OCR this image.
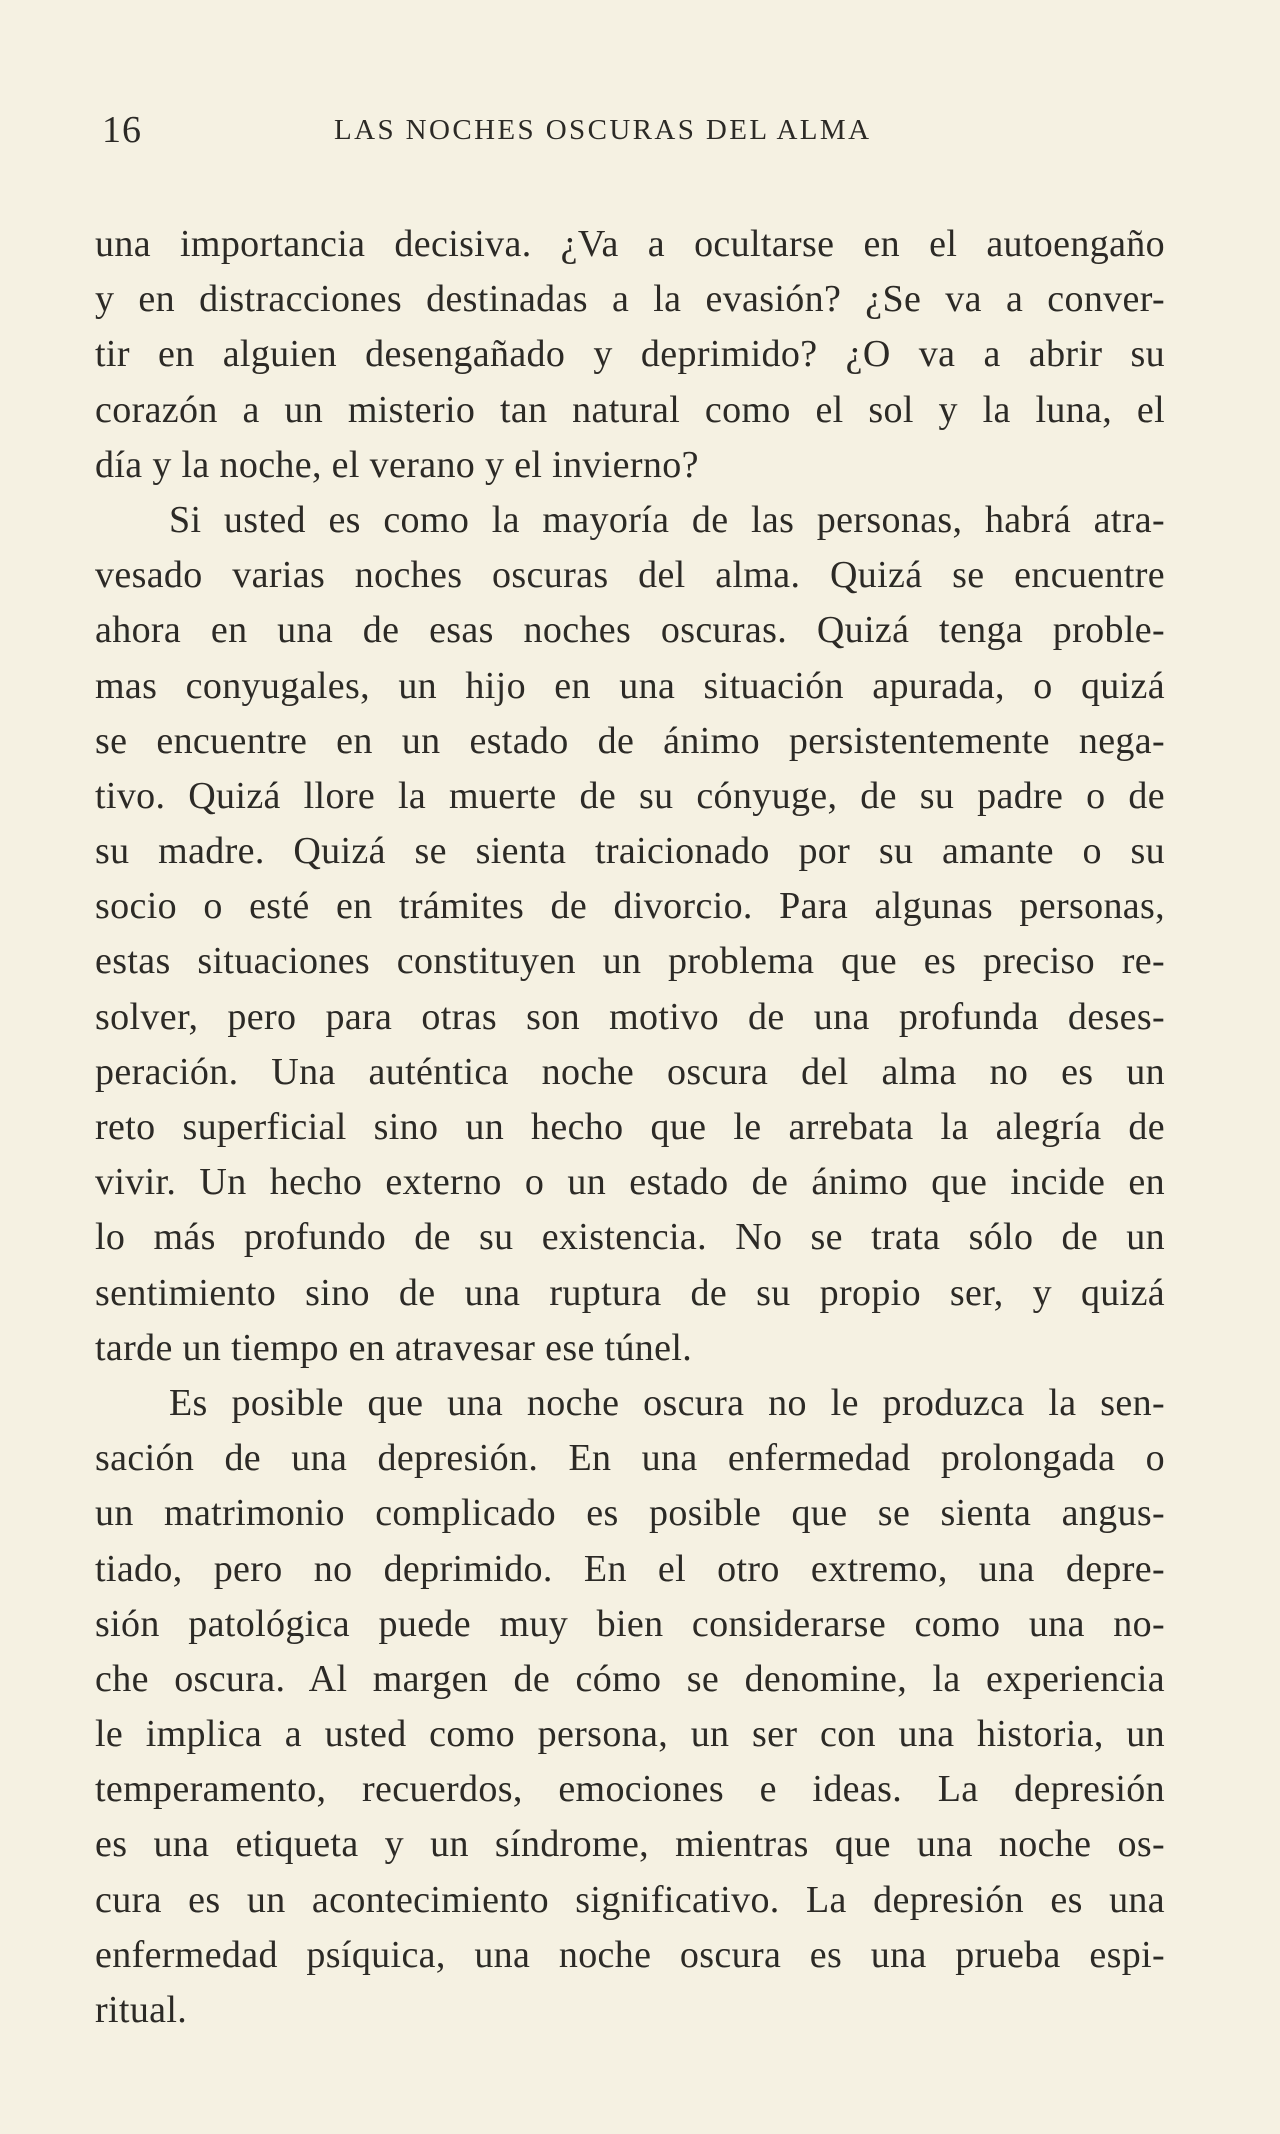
16	LAS NOCHES OSCURAS DEL ALMA
una importancia decisiva. ¿Va a ocultarse en el autoengaño
y en distracciones destinadas a la evasión? ¿Se va a conver-
tir en alguien desengañado y deprimido? ¿O va a abrir su
corazón a un misterio tan natural como el sol y la luna, el
día y la noche, el verano y el invierno?
Si usted es como la mayoría de las personas, habrá atra-
vesado varias noches oscuras del alma. Quizá se encuentre
ahora en una de esas noches oscuras. Quizá tenga proble-
mas conyugales, un hijo en una situación apurada, o quizá
se encuentre en un estado de ánimo persistentemente nega-
tivo. Quizá llore la muerte de su cónyuge, de su padre o de
su madre. Quizá se sienta traicionado por su amante o su
socio o esté en trámites de divorcio. Para algunas personas,
estas situaciones constituyen un problema que es preciso re-
solver, pero para otras son motivo de una profunda deses-
peración. Una auténtica noche oscura del alma no es un
reto superficial sino un hecho que le arrebata la alegría de
vivir. Un hecho externo o un estado de ánimo que incide en
lo más profundo de su existencia. No se trata sólo de un
sentimiento sino de una ruptura de su propio ser, y quizá
tarde un tiempo en atravesar ese túnel.
Es posible que una noche oscura no le produzca la sen-
sación de una depresión. En una enfermedad prolongada o
un matrimonio complicado es posible que se sienta angus-
tiado, pero no deprimido. En el otro extremo, una depre-
sión patológica puede muy bien considerarse como una no-
che oscura. Al margen de cómo se denomine, la experiencia
le implica a usted como persona, un ser con una historia, un
temperamento, recuerdos, emociones e ideas. La depresión
es una etiqueta y un síndrome, mientras que una noche os-
cura es un acontecimiento significativo. La depresión es una
enfermedad psíquica, una noche oscura es una prueba espi-
ritual.
